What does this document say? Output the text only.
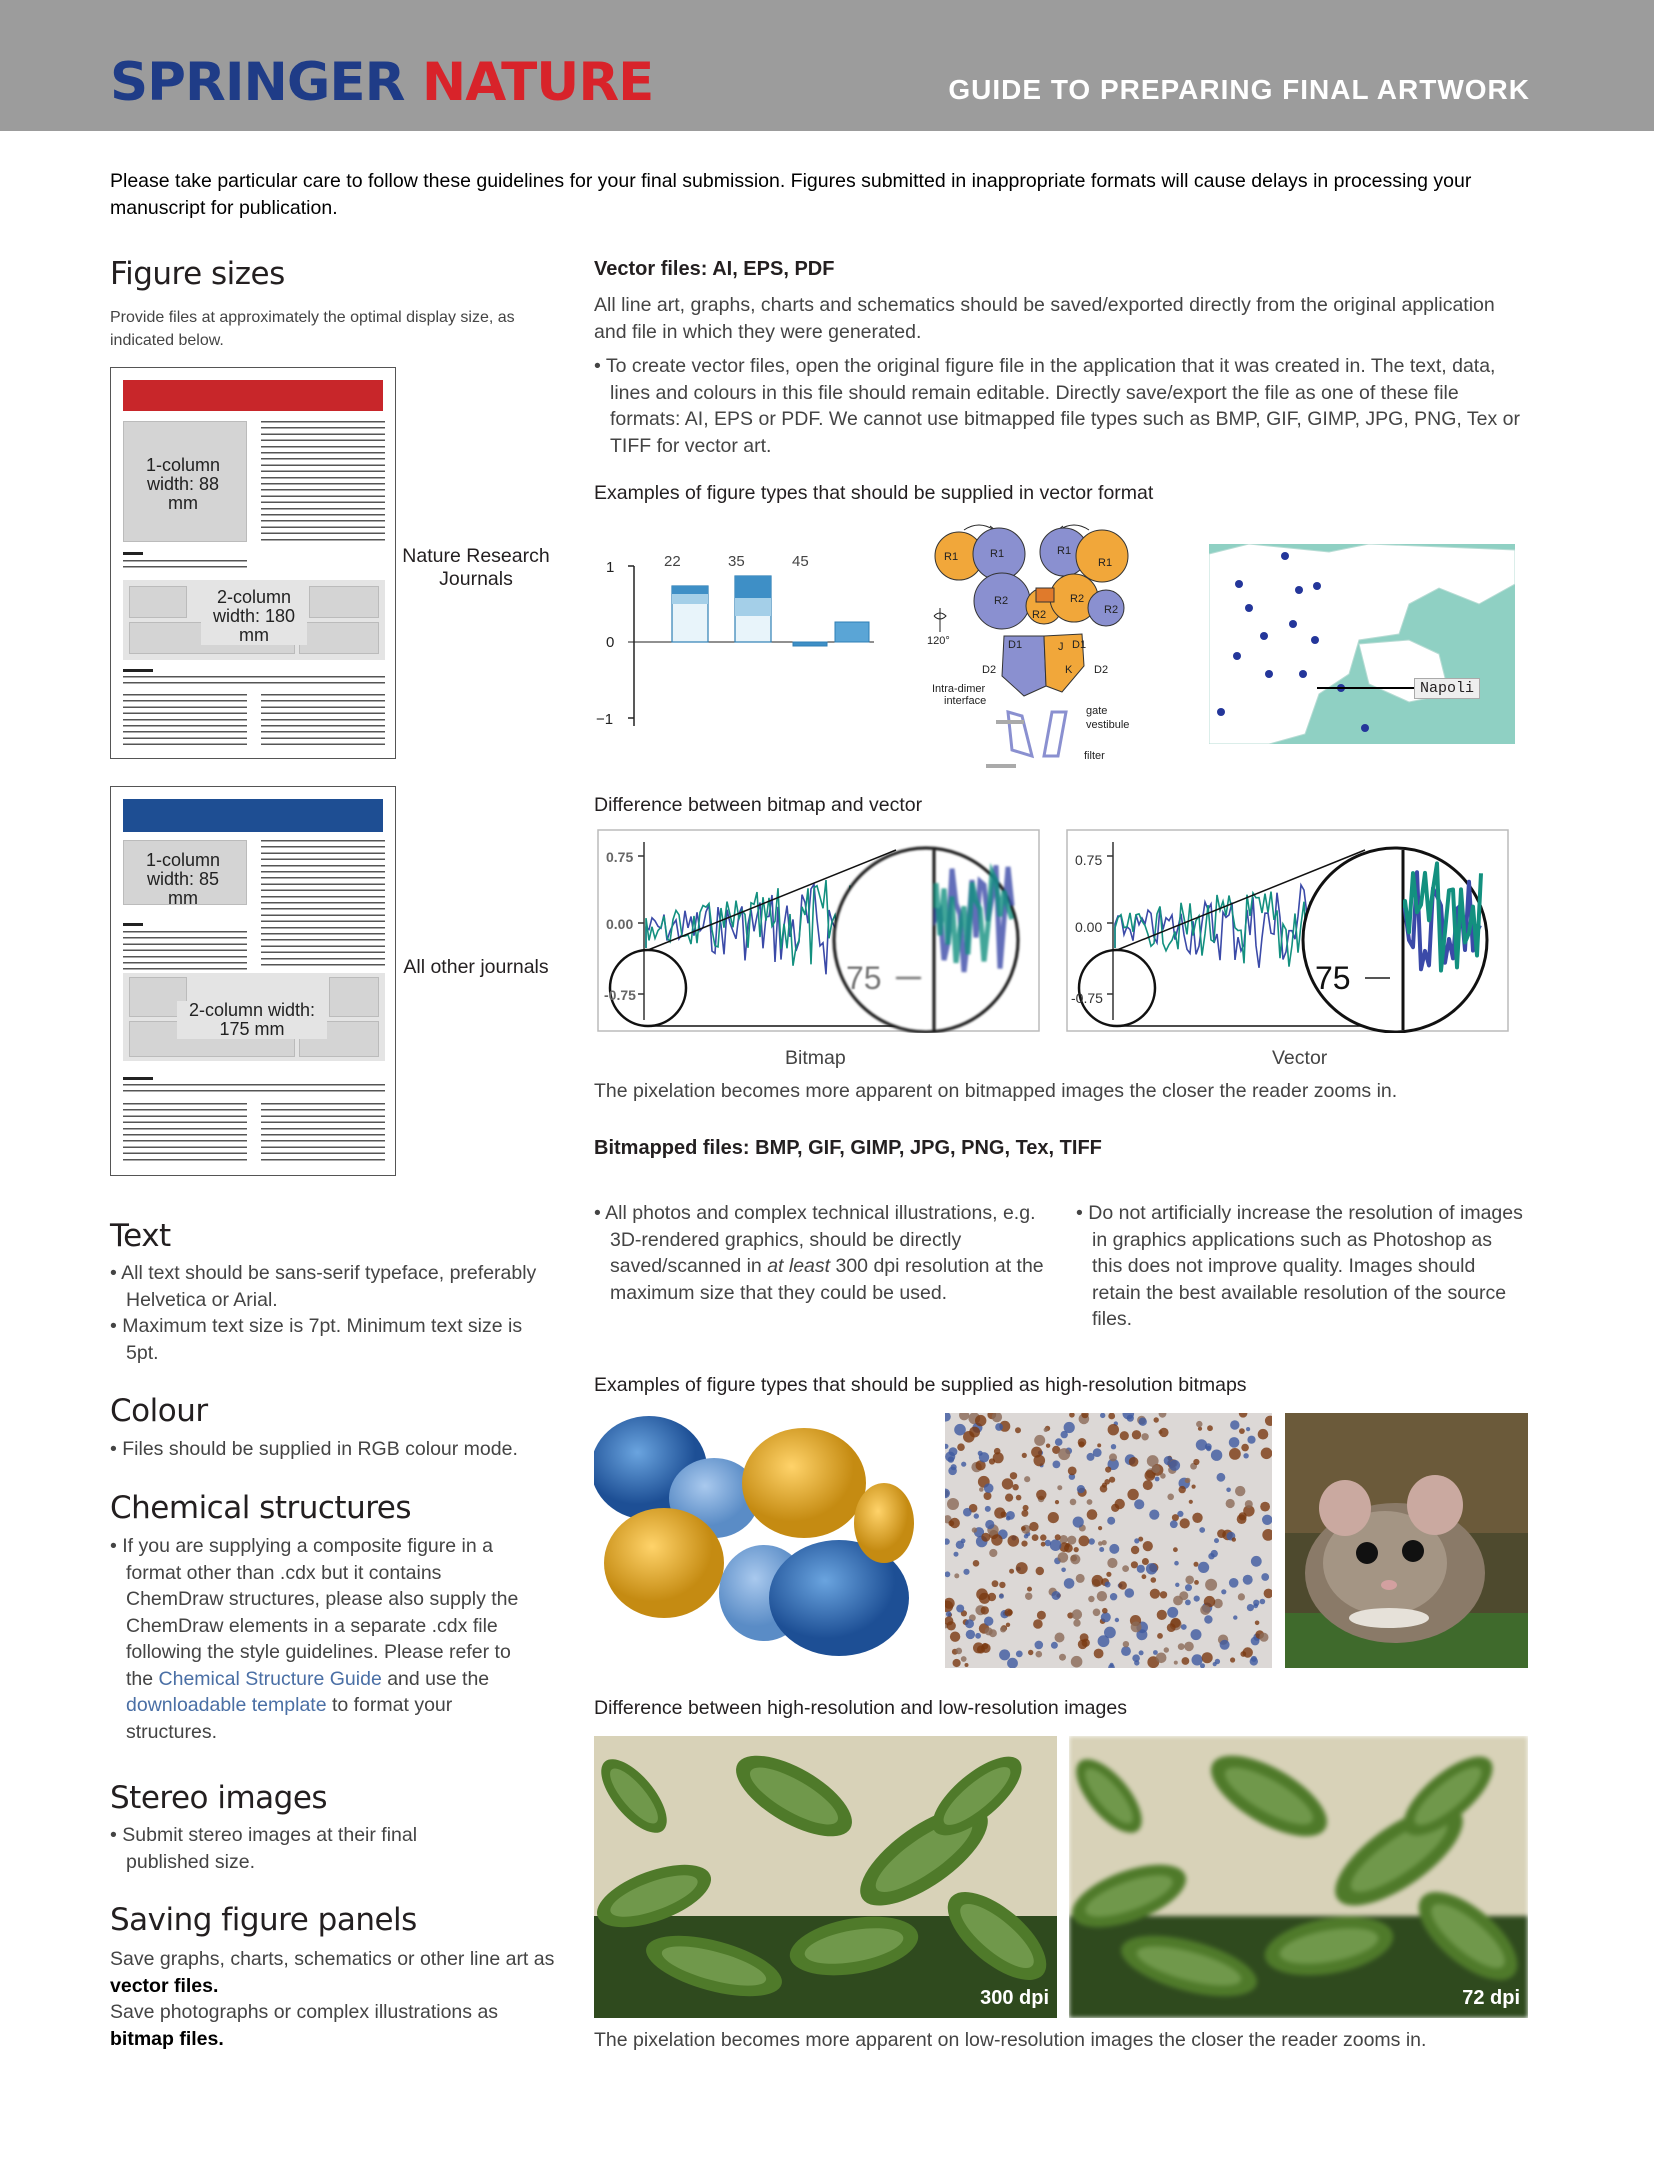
SPRINGER NATURE	GUIDE TO PREPARING FINAL ARTWORK
Please take particular care to follow these guidelines for your final submission. Figures submitted in inappropriate formats will cause delays in processing your manuscript for publication.
Figure sizes
Provide files at approximately the optimal display size, as indicated below.
1-column width: 88 mm
2-column width: 180 mm
Nature Research Journals
1-column width: 85 mm
2-column width: 175 mm
All other journals
Text
• All text should be sans-serif typeface, preferably Helvetica or Arial.
• Maximum text size is 7pt. Minimum text size is 5pt.
Colour
• Files should be supplied in RGB colour mode.
Chemical structures
• If you are supplying a composite figure in a format other than .cdx but it contains ChemDraw structures, please also supply the ChemDraw elements in a separate .cdx file following the style guidelines. Please refer to the Chemical Structure Guide and use the downloadable template to format your structures.
Stereo images
• Submit stereo images at their final published size.
Saving figure panels
Save graphs, charts, schematics or other line art as vector files.
Save photographs or complex illustrations as bitmap files.
Vector files: AI, EPS, PDF
All line art, graphs, charts and schematics should be saved/exported directly from the original application and file in which they were generated.
• To create vector files, open the original figure file in the application that it was created in. The text, data, lines and colours in this file should remain editable. Directly save/export the file as one of these file formats: AI, EPS or PDF. We cannot use bitmapped file types such as BMP, GIF, GIMP, JPG, PNG, Tex or TIFF for vector art.
Examples of figure types that should be supplied in vector format
1
0
−1
22	35	45	R1	R1	R1
R1
R2	R2
R2
R2
D1	D1
D2	D2
J
K
120°
Intra-dimer
interface
gate
vestibule
filter
Napoli
Difference between bitmap and vector
0.75
0.00
-0.75	75
0.75
0.00
-0.75
75
Bitmap	Vector
The pixelation becomes more apparent on bitmapped images the closer the reader zooms in.
Bitmapped files: BMP, GIF, GIMP, JPG, PNG, Tex, TIFF
• All photos and complex technical illustrations, e.g. 3D-rendered graphics, should be directly saved/scanned in at least 300 dpi resolution at the maximum size that they could be used.
• Do not artificially increase the resolution of images in graphics applications such as Photoshop as this does not improve quality. Images should retain the best available resolution of the source files.
Examples of figure types that should be supplied as high-resolution bitmaps
Difference between high-resolution and low-resolution images
300 dpi	72 dpi
The pixelation becomes more apparent on low-resolution images the closer the reader zooms in.
